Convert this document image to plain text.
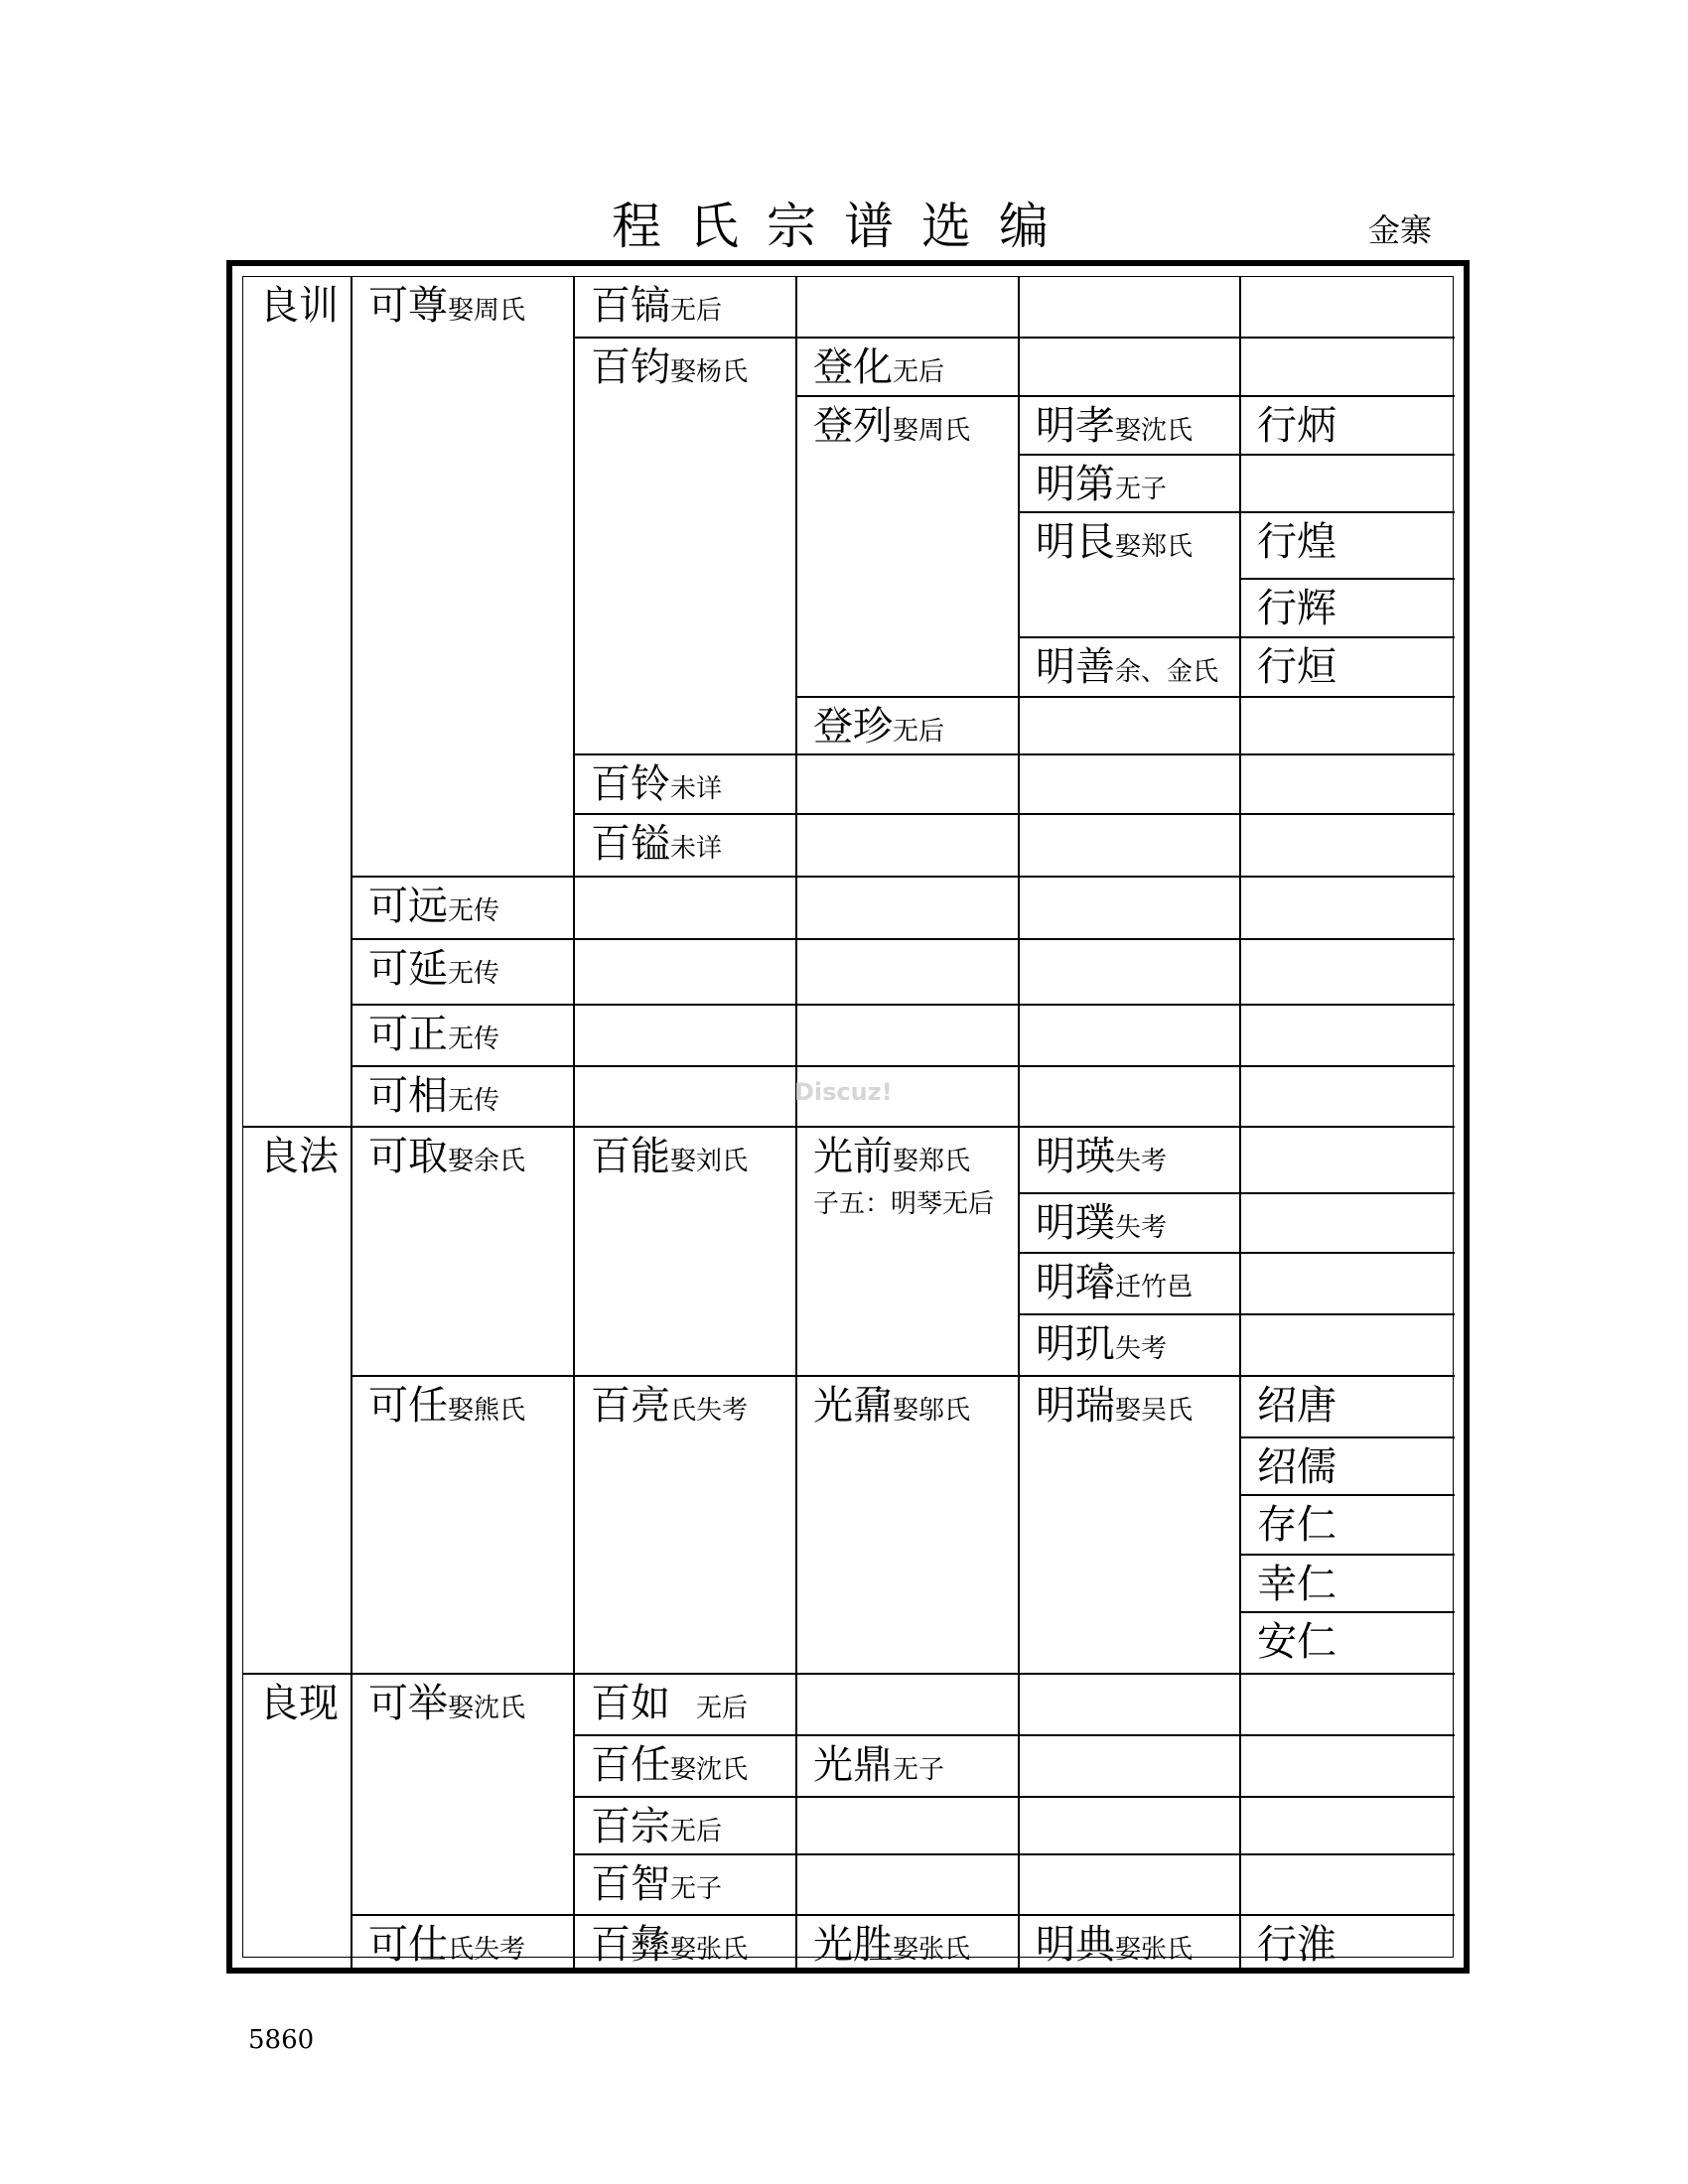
程氏宗谱选编	金寨
良训
良法
良现
可尊娶周氏
可远无传
可延无传
可正无传
可相无传
可取娶余氏
可任娶熊氏
可举娶沈氏
可仕氏失考
百镐无后
百钧娶杨氏
百铃未详
百镒未详
百能娶刘氏
百亮氏失考
百如　无后
百任娶沈氏
百宗无后
百智无子
百彝娶张氏
登化无后
登列娶周氏
登珍无后
光前娶郑氏
子五：明琴无后
光鼐娶邬氏
光鼎无子
光胜娶张氏
明孝娶沈氏
明第无子
明艮娶郑氏
明善余、金氏
明瑛失考
明璞失考
明璿迁竹邑
明玑失考
明瑞娶吴氏
明典娶张氏
行炳
行煌
行辉
行烜
绍唐
绍儒
存仁
幸仁
安仁
行淮
Discuz!
5860
